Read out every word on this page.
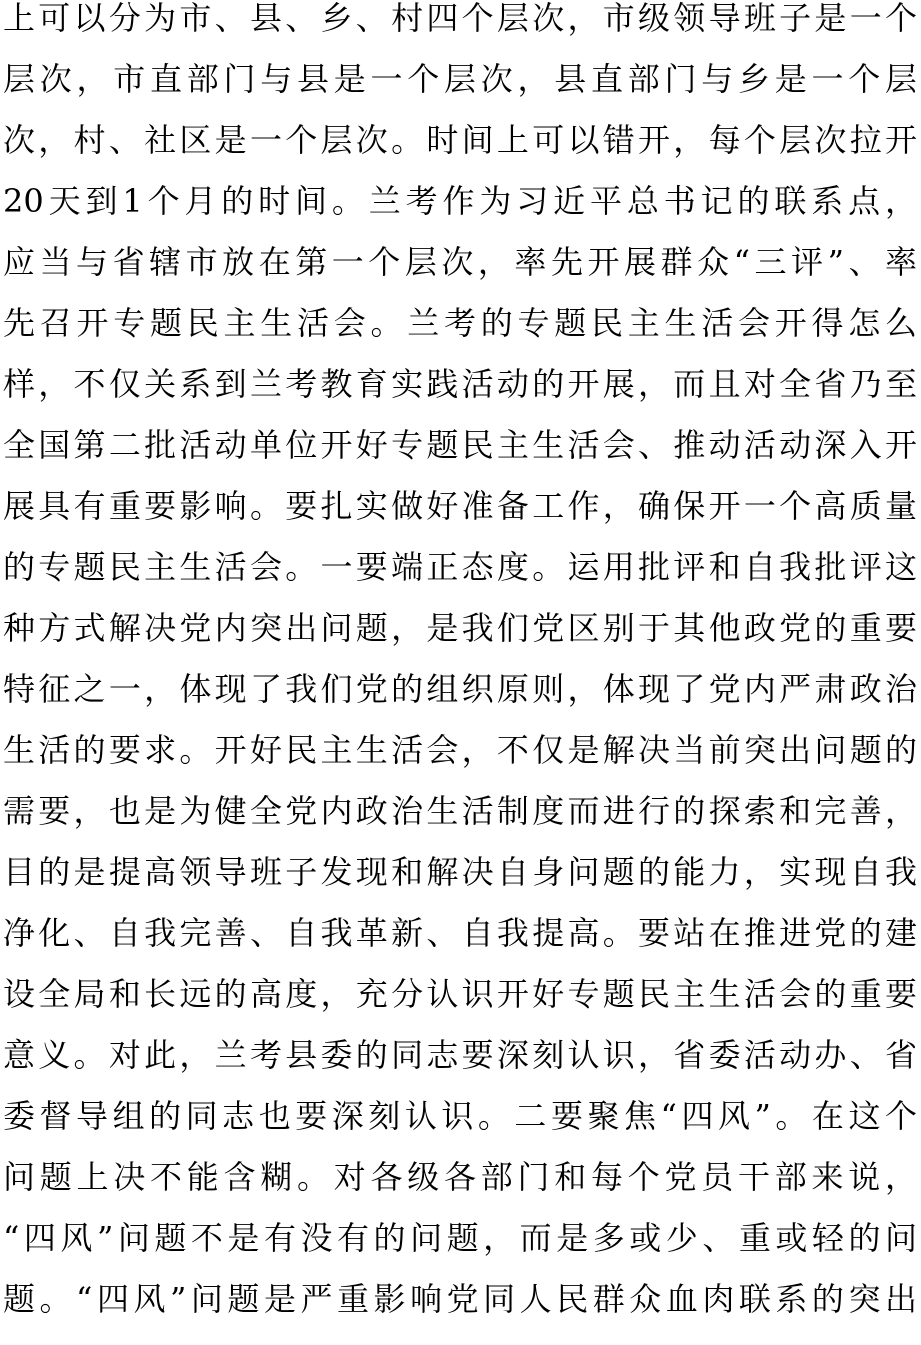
上可以分为市、县、乡、村四个层次，市级领导班子是一个
层次，市直部门与县是一个层次，县直部门与乡是一个层
次，村、社区是一个层次。时间上可以错开，每个层次拉开
20天到1个月的时间。兰考作为习近平总书记的联系点，
应当与省辖市放在第一个层次，率先开展群众“三评”、率
先召开专题民主生活会。兰考的专题民主生活会开得怎么
样，不仅关系到兰考教育实践活动的开展，而且对全省乃至
全国第二批活动单位开好专题民主生活会、推动活动深入开
展具有重要影响。要扎实做好准备工作，确保开一个高质量
的专题民主生活会。一要端正态度。运用批评和自我批评这
种方式解决党内突出问题，是我们党区别于其他政党的重要
特征之一，体现了我们党的组织原则，体现了党内严肃政治
生活的要求。开好民主生活会，不仅是解决当前突出问题的
需要，也是为健全党内政治生活制度而进行的探索和完善，
目的是提高领导班子发现和解决自身问题的能力，实现自我
净化、自我完善、自我革新、自我提高。要站在推进党的建
设全局和长远的高度，充分认识开好专题民主生活会的重要
意义。对此，兰考县委的同志要深刻认识，省委活动办、省
委督导组的同志也要深刻认识。二要聚焦“四风”。在这个
问题上决不能含糊。对各级各部门和每个党员干部来说，
“四风”问题不是有没有的问题，而是多或少、重或轻的问
题。“四风”问题是严重影响党同人民群众血肉联系的突出
